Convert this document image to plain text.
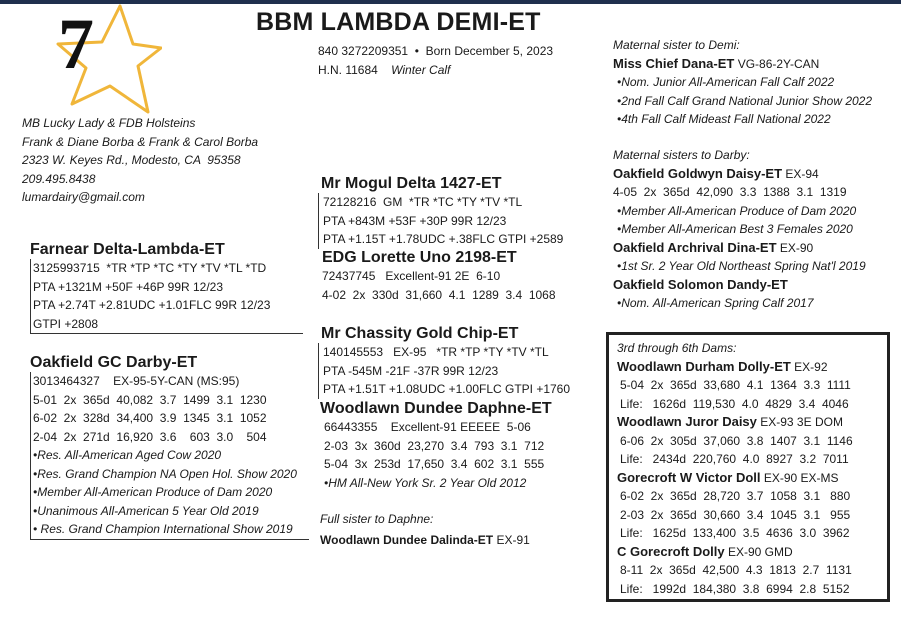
7	BBM LAMBDA DEMI-ET
840 3272209351  •  Born December 5, 2023
H.N. 11684 Winter Calf
MB Lucky Lady & FDB Holsteins
Frank & Diane Borba & Frank & Carol Borba
2323 W. Keyes Rd., Modesto, CA  95358
209.495.8438
lumardairy@gmail.com
Farnear Delta-Lambda-ET
3125993715  *TR *TP *TC *TY *TV *TL *TD
PTA +1321M +50F +46P 99R 12/23
PTA +2.74T +2.81UDC +1.01FLC 99R 12/23
GTPI +2808
Oakfield GC Darby-ET
3013464327    EX-95-5Y-CAN (MS:95)
5-01  2x  365d  40,082  3.7  1499  3.1  1230
6-02  2x  328d  34,400  3.9  1345  3.1  1052
2-04  2x  271d  16,920  3.6    603  3.0    504
•Res. All-American Aged Cow 2020
•Res. Grand Champion NA Open Hol. Show 2020
•Member All-American Produce of Dam 2020
•Unanimous All-American 5 Year Old 2019
• Res. Grand Champion International Show 2019
Mr Mogul Delta 1427-ET
72128216  GM  *TR *TC *TY *TV *TL
PTA +843M +53F +30P 99R 12/23
PTA +1.15T +1.78UDC +.38FLC GTPI +2589
EDG Lorette Uno 2198-ET
72437745   Excellent-91 2E  6-10
4-02  2x  330d  31,660  4.1  1289  3.4  1068
Mr Chassity Gold Chip-ET
140145553   EX-95   *TR *TP *TY *TV *TL
PTA -545M -21F -37R 99R 12/23
PTA +1.51T +1.08UDC +1.00FLC GTPI +1760
Woodlawn Dundee Daphne-ET
66443355    Excellent-91 EEEEE  5-06
2-03  3x  360d  23,270  3.4  793  3.1  712
5-04  3x  253d  17,650  3.4  602  3.1  555
•HM All-New York Sr. 2 Year Old 2012
Full sister to Daphne:
Woodlawn Dundee Dalinda-ET EX-91
Maternal sister to Demi:
Miss Chief Dana-ET VG-86-2Y-CAN
•Nom. Junior All-American Fall Calf 2022
•2nd Fall Calf Grand National Junior Show 2022
•4th Fall Calf Mideast Fall National 2022
Maternal sisters to Darby:
Oakfield Goldwyn Daisy-ET EX-94
4-05  2x  365d  42,090  3.3  1388  3.1  1319
•Member All-American Produce of Dam 2020
•Member All-American Best 3 Females 2020
Oakfield Archrival Dina-ET EX-90
•1st Sr. 2 Year Old Northeast Spring Nat'l 2019
Oakfield Solomon Dandy-ET
•Nom. All-American Spring Calf 2017
3rd through 6th Dams:
Woodlawn Durham Dolly-ET EX-92
5-04  2x  365d  33,680  4.1  1364  3.3  1111
Life:   1626d  119,530  4.0  4829  3.4  4046
Woodlawn Juror Daisy EX-93 3E DOM
6-06  2x  305d  37,060  3.8  1407  3.1  1146
Life:   2434d  220,760  4.0  8927  3.2  7011
Gorecroft W Victor Doll EX-90 EX-MS
6-02  2x  365d  28,720  3.7  1058  3.1   880
2-03  2x  365d  30,660  3.4  1045  3.1   955
Life:   1625d  133,400  3.5  4636  3.0  3962
C Gorecroft Dolly EX-90 GMD
8-11  2x  365d  42,500  4.3  1813  2.7  1131
Life:   1992d  184,380  3.8  6994  2.8  5152
